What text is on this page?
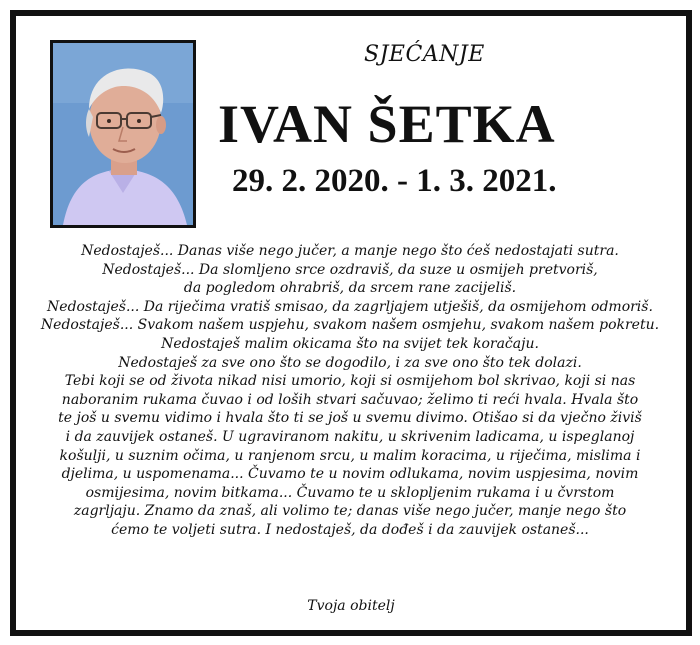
SJEĆANJE
IVAN ŠETKA
29. 2. 2020. - 1. 3. 2021.
Nedostaješ... Danas više nego jučer, a manje nego što ćeš nedostajati sutra.
Nedostaješ... Da slomljeno srce ozdraviš, da suze u osmijeh pretvoriš,
da pogledom ohrabriš, da srcem rane zacijeliš.
Nedostaješ... Da riječima vratiš smisao, da zagrljajem utješiš, da osmijehom odmoriš.
Nedostaješ... Svakom našem uspjehu, svakom našem osmjehu, svakom našem pokretu.
Nedostaješ malim okicama što na svijet tek koračaju.
Nedostaješ za sve ono što se dogodilo, i za sve ono što tek dolazi.
Tebi koji se od života nikad nisi umorio, koji si osmijehom bol skrivao, koji si nas
naboranim rukama čuvao i od loših stvari sačuvao; želimo ti reći hvala. Hvala što
te još u svemu vidimo i hvala što ti se još u svemu divimo. Otišao si da vječno živiš
i da zauvijek ostaneš. U ugraviranom nakitu, u skrivenim ladicama, u ispeglanoj
košulji, u suznim očima, u ranjenom srcu, u malim koracima, u riječima, mislima i
djelima, u uspomenama... Čuvamo te u novim odlukama, novim uspjesima, novim
osmijesima, novim bitkama... Čuvamo te u sklopljenim rukama i u čvrstom
zagrljaju. Znamo da znaš, ali volimo te; danas više nego jučer, manje nego što
ćemo te voljeti sutra. I nedostaješ, da dođeš i da zauvijek ostaneš...
Tvoja obitelj
